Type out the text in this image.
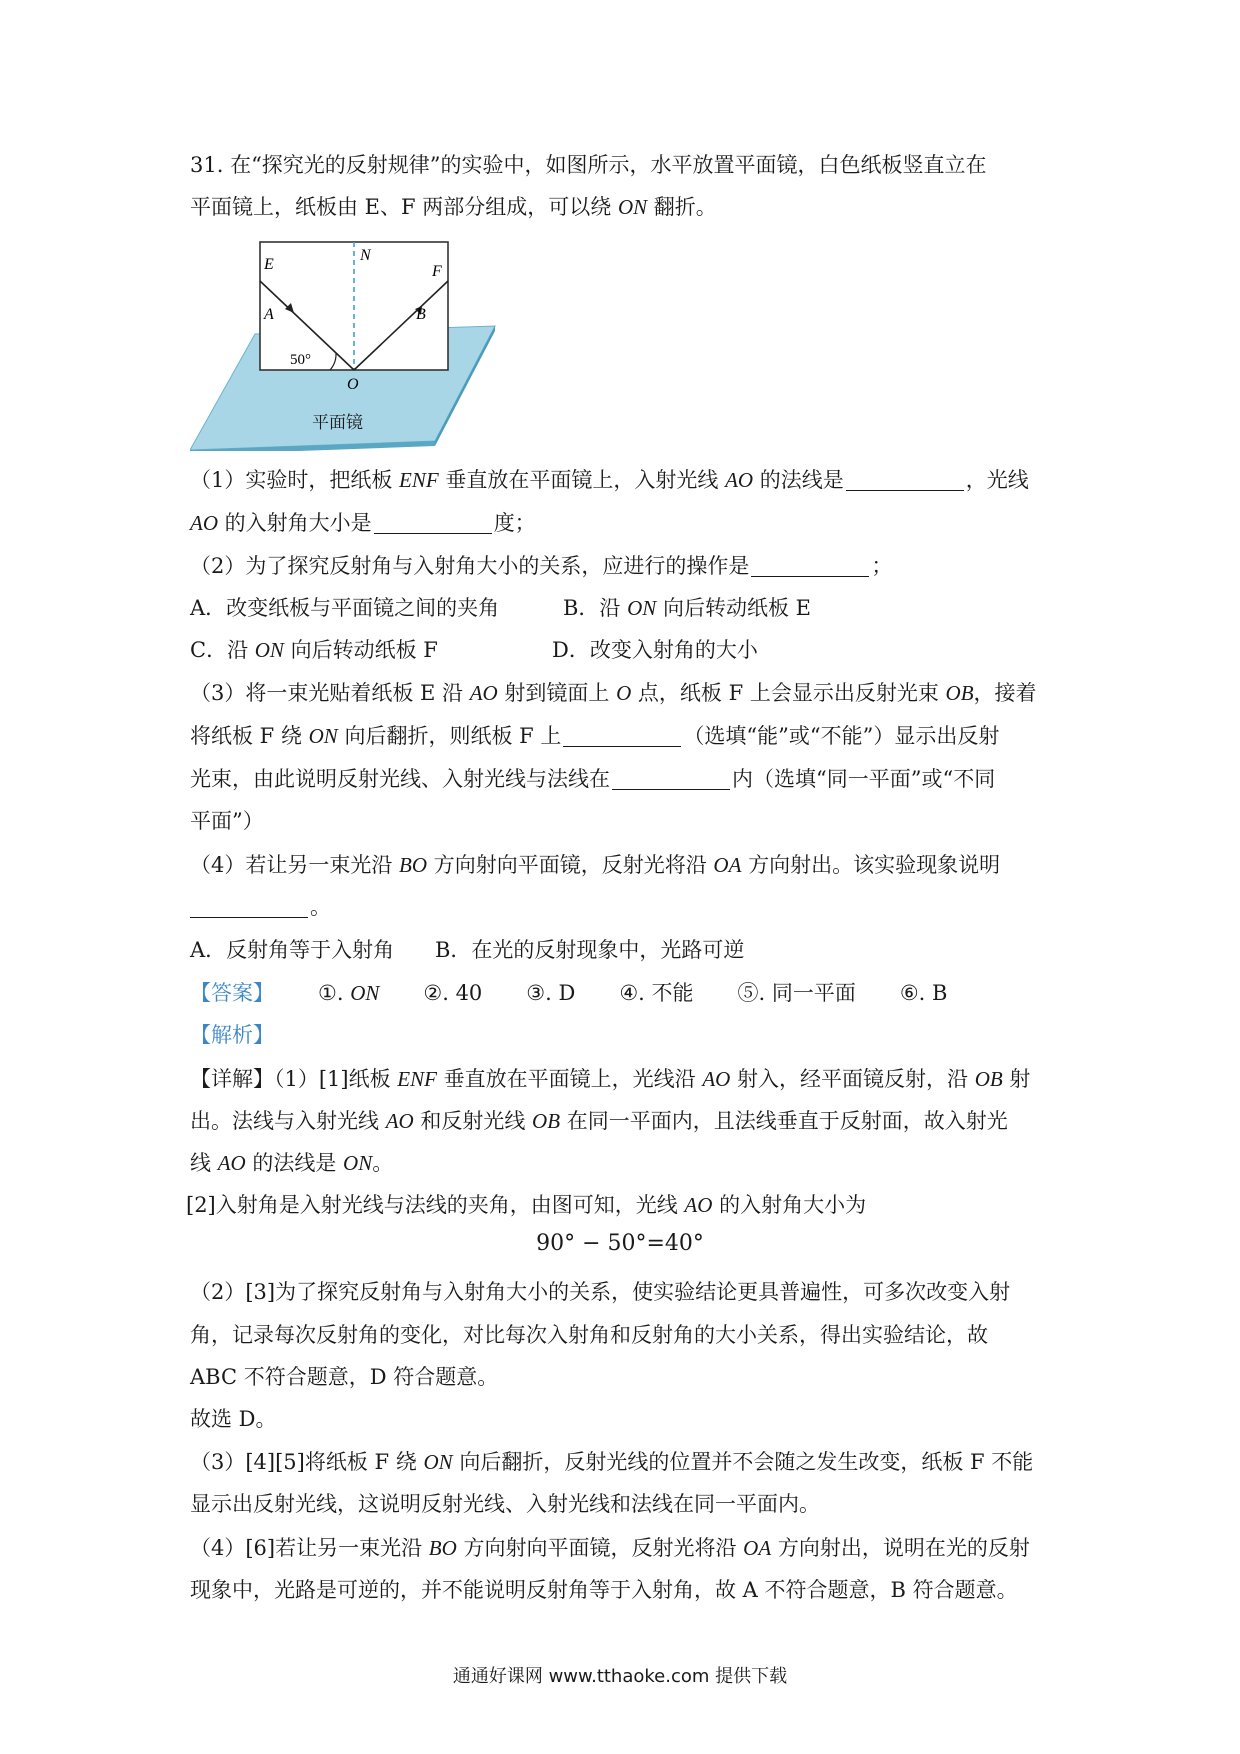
31. 在“探究光的反射规律”的实验中，如图所示，水平放置平面镜，白色纸板竖直立在
平面镜上，纸板由 E、F 两部分组成，可以绕 ON 翻折。
E
N
F
A	B
O
50°
平面镜
（1）实验时，把纸板 ENF 垂直放在平面镜上，入射光线 AO 的法线是	，光线
AO 的入射角大小是	度；
（2）为了探究反射角与入射角大小的关系，应进行的操作是	；
A．改变纸板与平面镜之间的夹角	B．沿 ON 向后转动纸板 E
C．沿 ON 向后转动纸板 F	D．改变入射角的大小
（3）将一束光贴着纸板 E 沿 AO 射到镜面上 O 点，纸板 F 上会显示出反射光束 OB，接着
将纸板 F 绕 ON 向后翻折，则纸板 F 上	（选填“能”或“不能”）显示出反射
光束，由此说明反射光线、入射光线与法线在	内（选填“同一平面”或“不同
平面”）
（4）若让另一束光沿 BO 方向射向平面镜，反射光将沿 OA 方向射出。该实验现象说明
。
A．反射角等于入射角 B．在光的反射现象中，光路可逆
【答案】 ①. ON ②. 40 ③. D ④. 不能 ⑤. 同一平面 ⑥. B
【解析】
【详解】（1）[1]纸板 ENF 垂直放在平面镜上，光线沿 AO 射入，经平面镜反射，沿 OB 射
出。法线与入射光线 AO 和反射光线 OB 在同一平面内，且法线垂直于反射面，故入射光
线 AO 的法线是 ON。
[2]入射角是入射光线与法线的夹角，由图可知，光线 AO 的入射角大小为
90° − 50°=40°
（2）[3]为了探究反射角与入射角大小的关系，使实验结论更具普遍性，可多次改变入射
角，记录每次反射角的变化，对比每次入射角和反射角的大小关系，得出实验结论，故
ABC 不符合题意，D 符合题意。
故选 D。
（3）[4][5]将纸板 F 绕 ON 向后翻折，反射光线的位置并不会随之发生改变，纸板 F 不能
显示出反射光线，这说明反射光线、入射光线和法线在同一平面内。
（4）[6]若让另一束光沿 BO 方向射向平面镜，反射光将沿 OA 方向射出，说明在光的反射
现象中，光路是可逆的，并不能说明反射角等于入射角，故 A 不符合题意，B 符合题意。
通通好课网 www.tthaoke.com 提供下载
